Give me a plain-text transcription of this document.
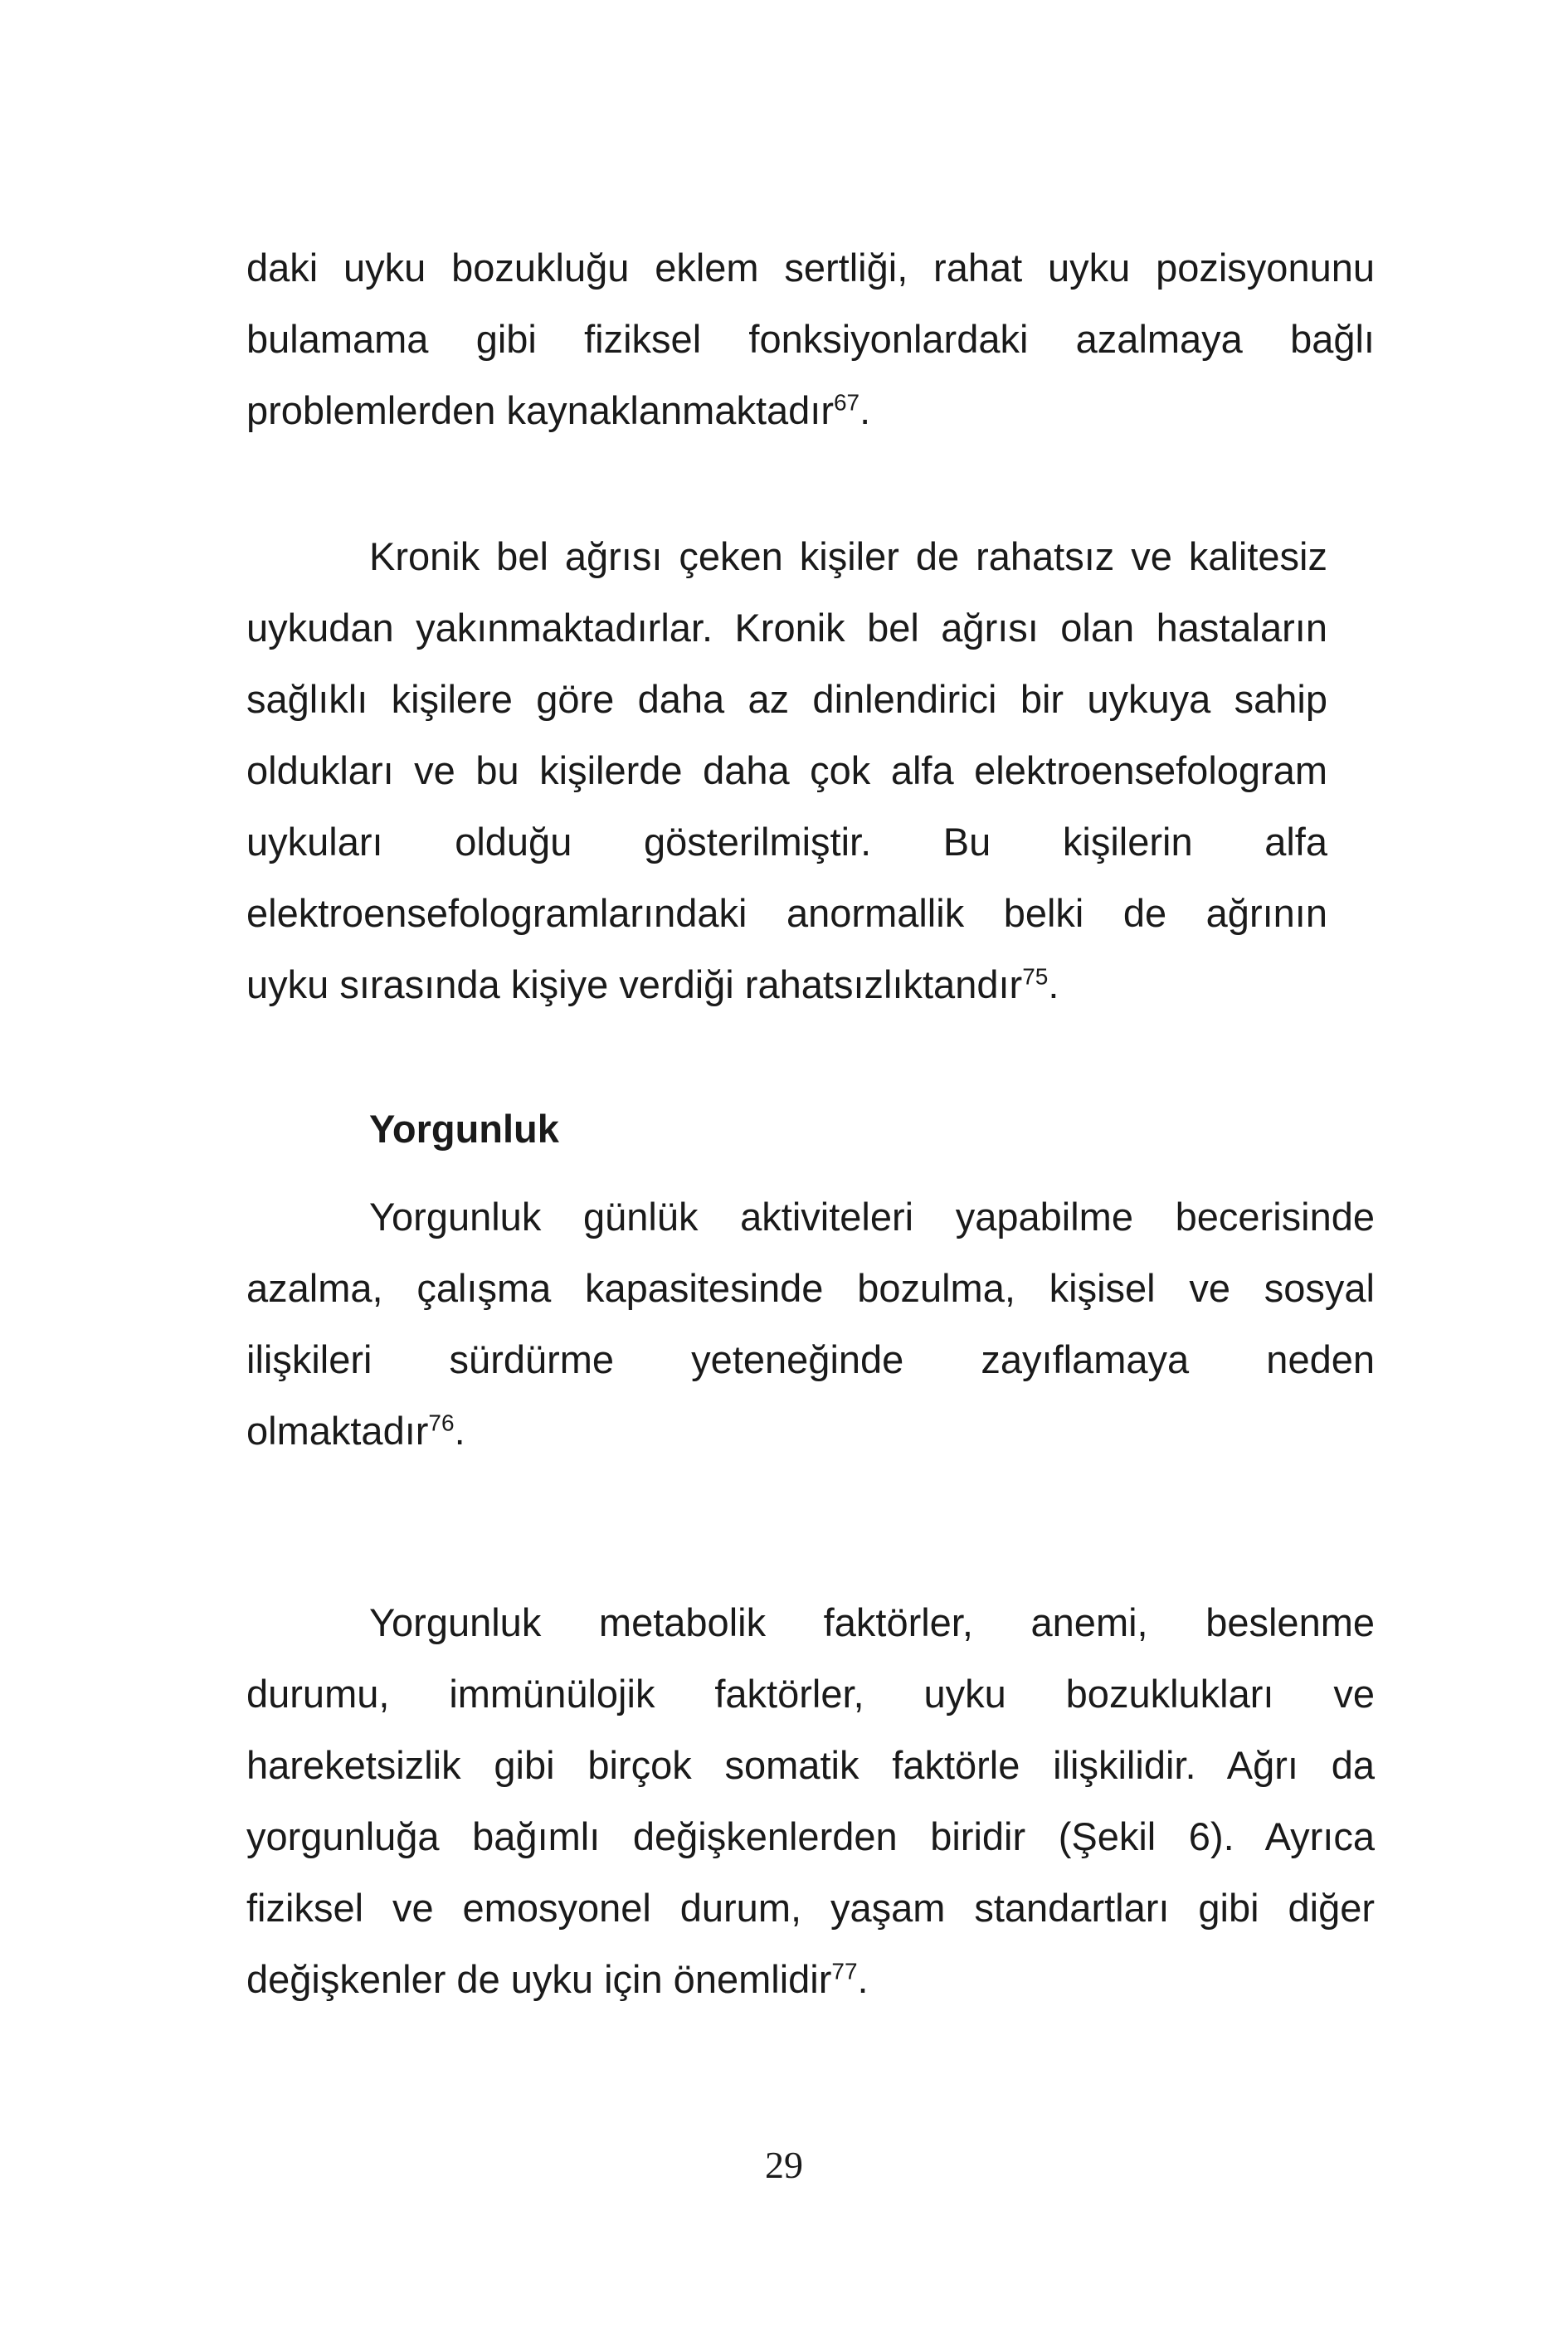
daki uyku bozukluğu eklem sertliği, rahat uyku pozisyonunu
bulamama gibi fiziksel fonksiyonlardaki azalmaya bağlı
problemlerden kaynaklanmaktadır$^{67}$.
Kronik bel ağrısı çeken kişiler de rahatsız ve kalitesiz
uykudan yakınmaktadırlar. Kronik bel ağrısı olan hastaların
sağlıklı kişilere göre daha az dinlendirici bir uykuya sahip
oldukları ve bu kişilerde daha çok alfa elektroensefologram
uykuları olduğu gösterilmiştir. Bu kişilerin alfa
elektroensefologramlarındaki anormallik belki de ağrının
uyku sırasında kişiye verdiği rahatsızlıktandır$^{75}$.
Yorgunluk
Yorgunluk günlük aktiviteleri yapabilme becerisinde
azalma, çalışma kapasitesinde bozulma, kişisel ve sosyal
ilişkileri sürdürme yeteneğinde zayıflamaya neden
olmaktadır$^{76}$.
Yorgunluk metabolik faktörler, anemi, beslenme
durumu, immünülojik faktörler, uyku bozuklukları ve
hareketsizlik gibi birçok somatik faktörle ilişkilidir. Ağrı da
yorgunluğa bağımlı değişkenlerden biridir (Şekil 6). Ayrıca
fiziksel ve emosyonel durum, yaşam standartları gibi diğer
değişkenler de uyku için önemlidir$^{77}$.
29
